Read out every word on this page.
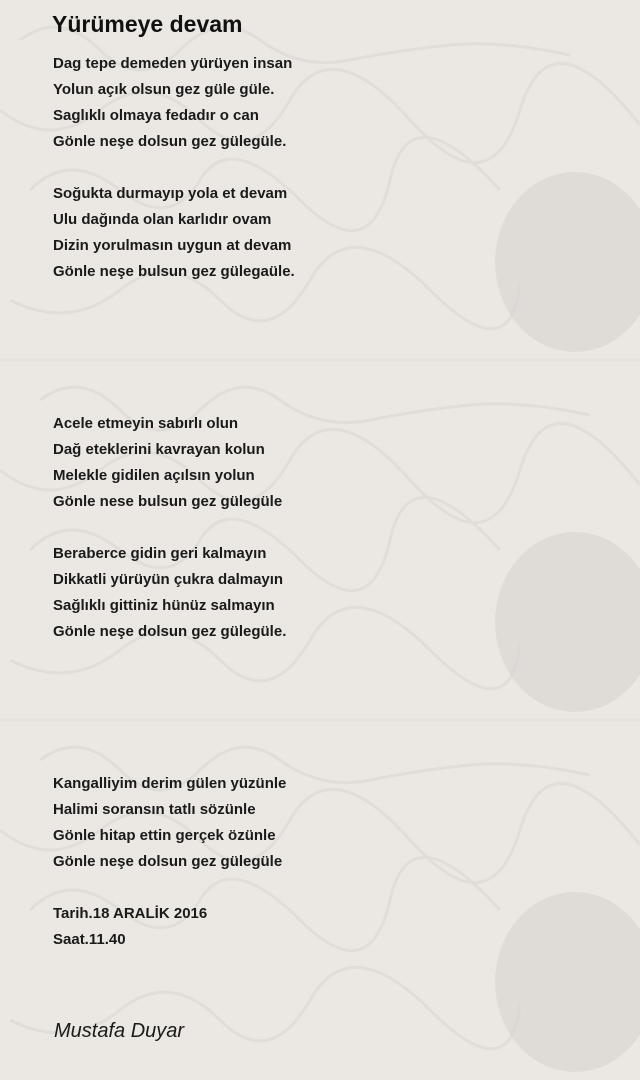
Yürümeye devam
Dag tepe demeden yürüyen insan
Yolun açık olsun gez güle güle.
Saglıklı olmaya fedadır o can
Gönle neşe dolsun gez gülegüle.
Soğukta durmayıp yola et devam
Ulu dağında olan karlıdır ovam
Dizin yorulmasın uygun at devam
Gönle neşe bulsun gez gülegaüle.
Acele etmeyin sabırlı olun
Dağ eteklerini kavrayan kolun
Melekle gidilen açılsın yolun
Gönle nese bulsun gez gülegüle
Beraberce gidin geri kalmayın
Dikkatli yürüyün çukra dalmayın
Sağlıklı gittiniz hünüz salmayın
Gönle neşe dolsun gez gülegüle.
Kangalliyim derim gülen yüzünle
Halimi soransın tatlı sözünle
Gönle hitap ettin gerçek özünle
Gönle neşe dolsun gez gülegüle
Tarih.18 ARALİK 2016
Saat.11.40
Mustafa Duyar
